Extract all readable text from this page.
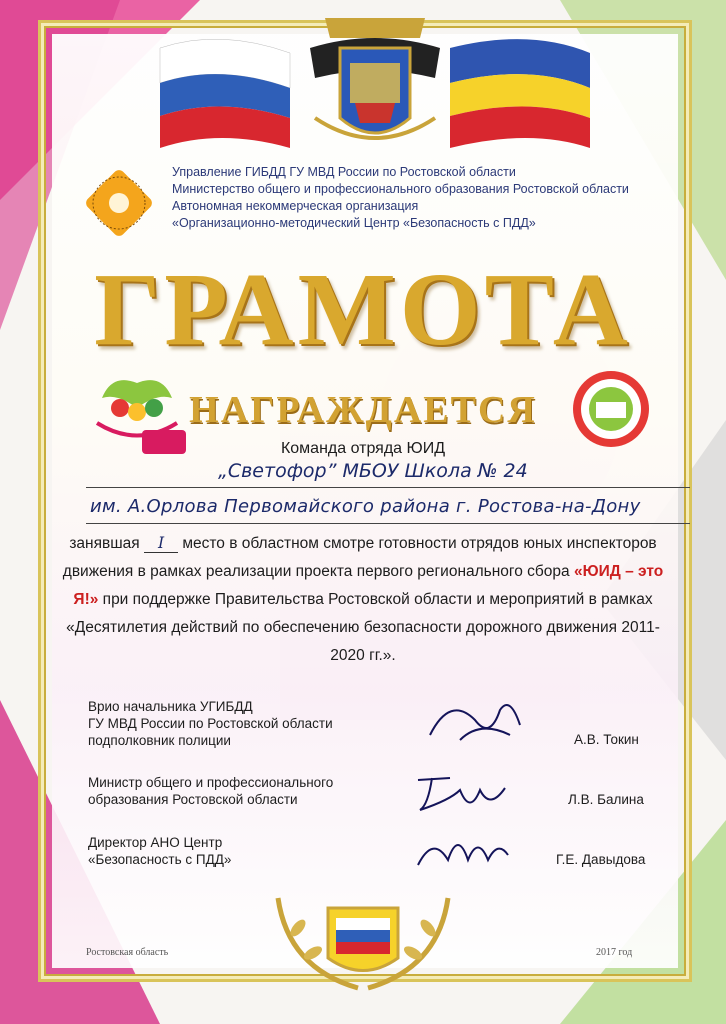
Управление ГИБДД ГУ МВД России по Ростовской области
Министерство общего и профессионального образования Ростовской области
Автономная некоммерческая организация
«Организационно-методический Центр «Безопасность с ПДД»
ГРАМОТА
НАГРАЖДАЕТСЯ
Команда отряда ЮИД
„Светофор” МБОУ Школа № 24
им. А.Орлова Первомайского района г. Ростова-на-Дону
занявшая I место в областном смотре готовности отрядов юных инспекторов движения в рамках реализации проекта первого регионального сбора «ЮИД – это Я!» при поддержке Правительства Ростовской области и мероприятий в рамках «Десятилетия действий по обеспечению безопасности дорожного движения 2011-2020 гг.».
Врио начальника УГИБДД
ГУ МВД России по Ростовской области
подполковник полиции	А.В. Токин
Министр общего и профессионального
образования Ростовской области	Л.В. Балина
Директор АНО Центр
«Безопасность с ПДД»	Г.Е. Давыдова
Ростовская область	2017 год
